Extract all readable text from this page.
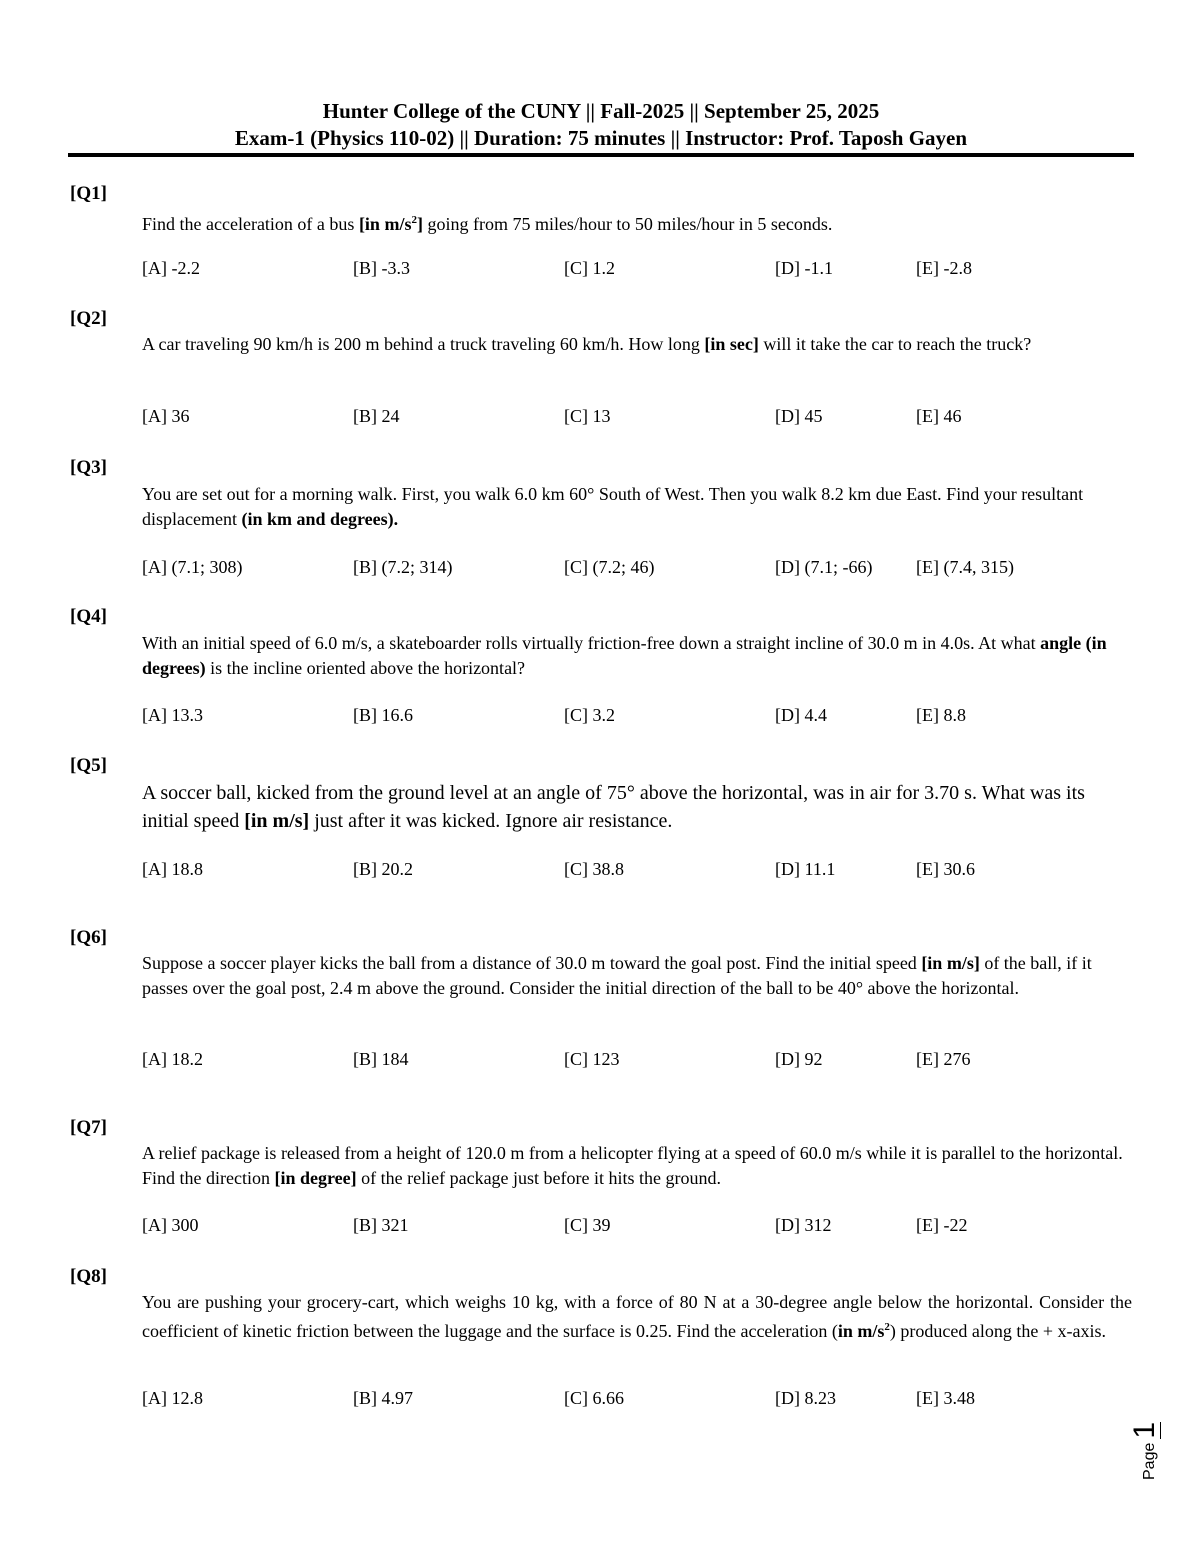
Hunter College of the CUNY || Fall-2025 || September 25, 2025
Exam-1 (Physics 110-02) || Duration: 75 minutes || Instructor: Prof. Taposh Gayen
[Q1]
Find the acceleration of a bus [in $m/s^2$] going from 75 miles/hour to 50 miles/hour in 5 seconds.
[A] -2.2	[B] -3.3	[C] 1.2	[D] -1.1	[E] -2.8
[Q2]
A car traveling 90 km/h is 200 m behind a truck traveling 60 km/h. How long [in sec] will it take the car to reach the truck?
[A] 36	[B] 24	[C] 13	[D] 45	[E] 46
[Q3]
You are set out for a morning walk. First, you walk 6.0 km 60° South of West. Then you walk 8.2 km due East. Find your resultant displacement (in km and degrees).
[A] (7.1; 308)	[B] (7.2; 314)	[C] (7.2; 46)	[D] (7.1; -66) [E] (7.4, 315)
[Q4]
With an initial speed of 6.0 m/s, a skateboarder rolls virtually friction-free down a straight incline of 30.0 m in 4.0s. At what angle (in degrees) is the incline oriented above the horizontal?
[A] 13.3	[B] 16.6	[C] 3.2	[D] 4.4	[E] 8.8
[Q5]
A soccer ball, kicked from the ground level at an angle of 75° above the horizontal, was in air for 3.70 s. What was its initial speed [in m/s] just after it was kicked. Ignore air resistance.
[A] 18.8	[B] 20.2	[C] 38.8	[D] 11.1	[E] 30.6
[Q6]
Suppose a soccer player kicks the ball from a distance of 30.0 m toward the goal post. Find the initial speed [in m/s] of the ball, if it passes over the goal post, 2.4 m above the ground. Consider the initial direction of the ball to be 40° above the horizontal.
[A] 18.2	[B] 184	[C] 123	[D] 92	[E] 276
[Q7]
A relief package is released from a height of 120.0 m from a helicopter flying at a speed of 60.0 m/s while it is parallel to the horizontal. Find the direction [in degree] of the relief package just before it hits the ground.
[A] 300	[B] 321	[C] 39	[D] 312	[E] -22
[Q8]
You are pushing your grocery-cart, which weighs 10 kg, with a force of 80 N at a 30-degree angle below the horizontal. Consider the coefficient of kinetic friction between the luggage and the surface is 0.25. Find the acceleration (in $m/s^2$) produced along the + x-axis.
[A] 12.8	[B] 4.97	[C] 6.66	[D] 8.23	[E] 3.48
Page
1
